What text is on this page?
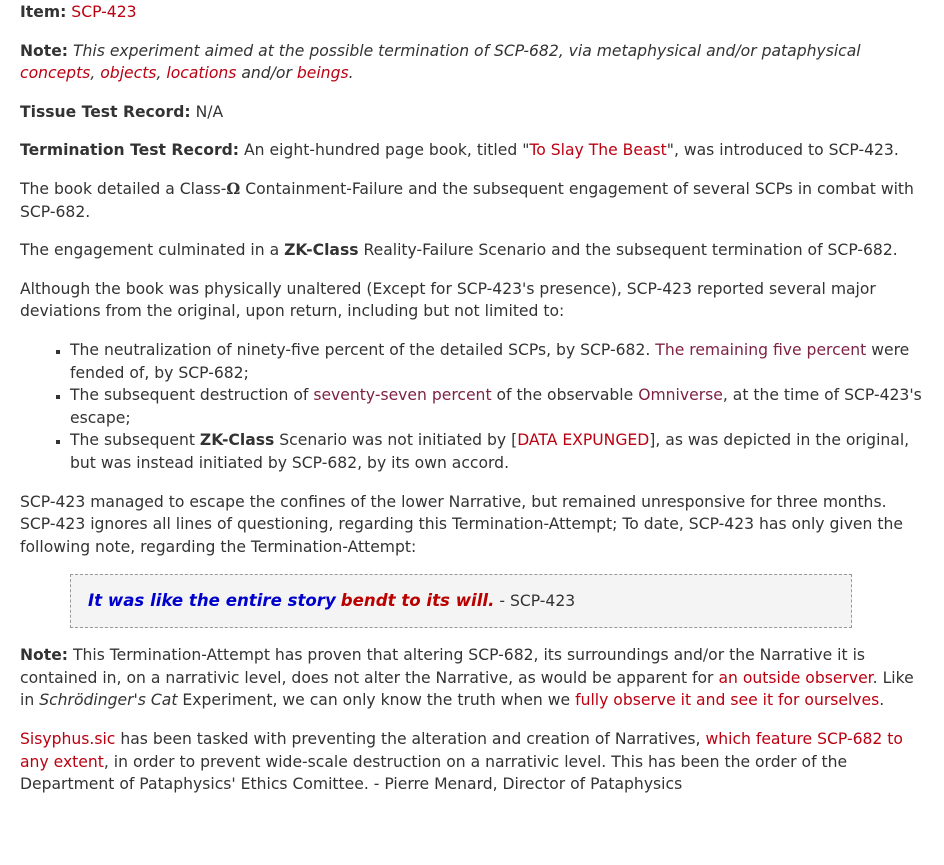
Item: SCP-423

Note: This experiment aimed at the possible termination of SCP-682, via metaphysical and/or pataphysical concepts, objects, locations and/or beings.

Tissue Test Record: N/A

Termination Test Record: An eight-hundred page book, titled "To Slay The Beast", was introduced to SCP-423.

The book detailed a Class-Ω Containment-Failure and the subsequent engagement of several SCPs in combat with SCP-682.

The engagement culminated in a ZK-Class Reality-Failure Scenario and the subsequent termination of SCP-682.

Although the book was physically unaltered (Except for SCP-423's presence), SCP-423 reported several major deviations from the original, upon return, including but not limited to:

▪ The neutralization of ninety-five percent of the detailed SCPs, by SCP-682. The remaining five percent were fended of, by SCP-682;
▪ The subsequent destruction of seventy-seven percent of the observable Omniverse, at the time of SCP-423's escape;
▪ The subsequent ZK-Class Scenario was not initiated by [DATA EXPUNGED], as was depicted in the original, but was instead initiated by SCP-682, by its own accord.

SCP-423 managed to escape the confines of the lower Narrative, but remained unresponsive for three months. SCP-423 ignores all lines of questioning, regarding this Termination-Attempt; To date, SCP-423 has only given the following note, regarding the Termination-Attempt:

It was like the entire story bendt to its will. - SCP-423

Note: This Termination-Attempt has proven that altering SCP-682, its surroundings and/or the Narrative it is contained in, on a narrativic level, does not alter the Narrative, as would be apparent for an outside observer. Like in Schrödinger's Cat Experiment, we can only know the truth when we fully observe it and see it for ourselves.

Sisyphus.sic has been tasked with preventing the alteration and creation of Narratives, which feature SCP-682 to any extent, in order to prevent wide-scale destruction on a narrativic level. This has been the order of the Department of Pataphysics' Ethics Comittee. - Pierre Menard, Director of Pataphysics
